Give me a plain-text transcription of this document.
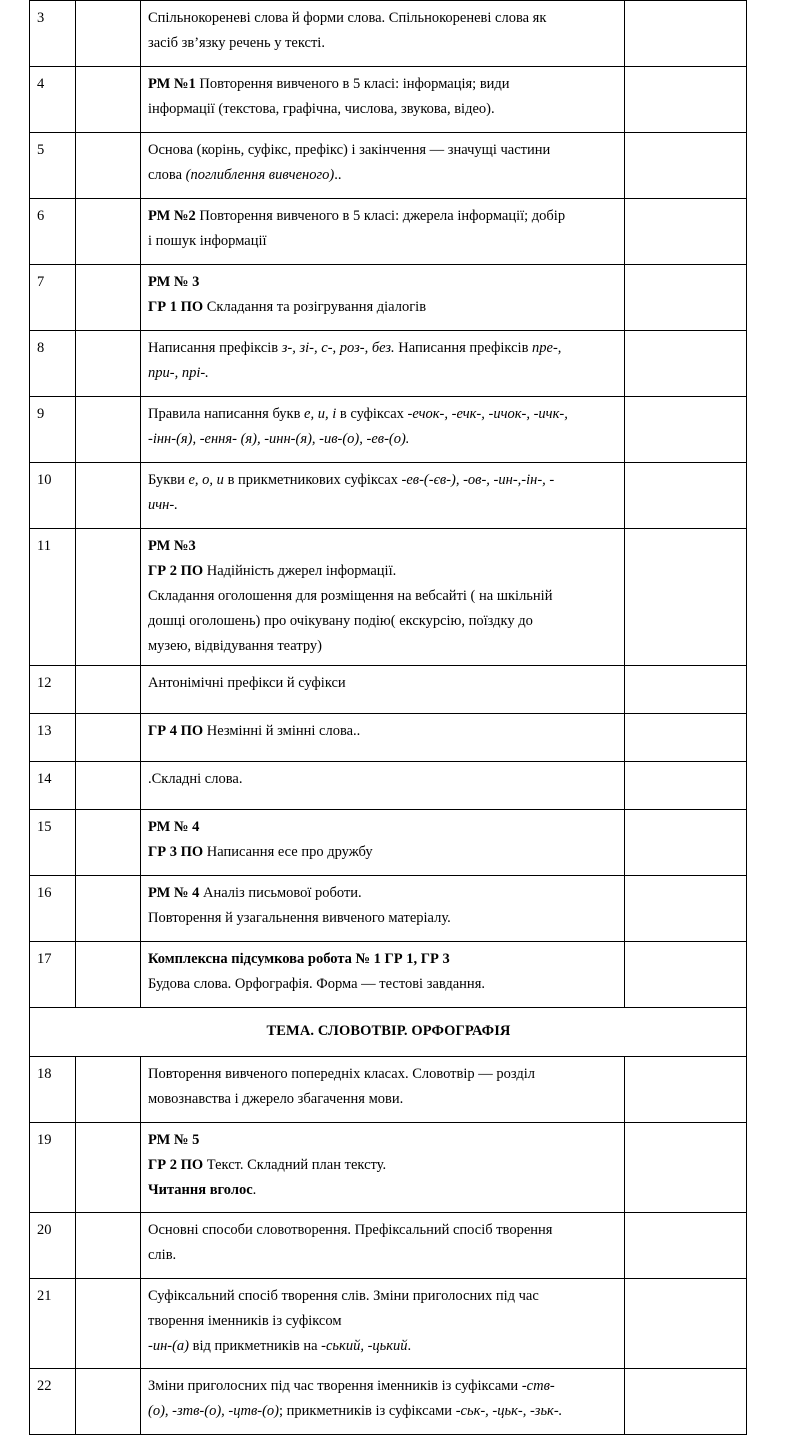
3		Спільнокореневі слова й форми слова. Спільнокореневі слова як
засіб зв’язку речень у тексті.	

4		РМ №1 Повторення вивченого в 5 класі: інформація; види
інформації (текстова, графічна, числова, звукова, відео).	

5		Основа (корінь, суфікс, префікс) і закінчення — значущі частини
слова (поглиблення вивченого)..	

6		РМ №2 Повторення вивченого в 5 класі: джерела інформації; добір
і пошук інформації	

7		РМ № 3
ГР 1 ПО Складання та розігрування діалогів	

8		Написання префіксів з-, зі-, с-, роз-, без. Написання префіксів пре-,
при-, прі-.	

9		Правила написання букв е, и, і в суфіксах -ечок-, -ечк-, -ичок-, -ичк-,
-інн-(я), -ення- (я), -инн-(я), -ив-(о), -ев-(о).	

10		Букви е, о, и в прикметникових суфіксах -ев-(-єв-), -ов-, -ин-,-ін-, -
ичн-.	

11		РМ №3
ГР 2 ПО Надійність джерел інформації.
Складання оголошення для розміщення на вебсайті ( на шкільній
дошці оголошень) про очікувану подію( екскурсію, поїздку до
музею, відвідування театру)	

12		Антонімічні префікси й суфікси	

13		ГР 4 ПО Незмінні й змінні слова..	

14		.Складні слова.	

15		РМ № 4
ГР 3 ПО Написання есе про дружбу	

16		РМ № 4 Аналіз письмової роботи.
Повторення й узагальнення вивченого матеріалу.	

17		Комплексна підсумкова робота № 1 ГР 1, ГР 3
Будова слова. Орфографія. Форма — тестові завдання.	

ТЕМА. СЛОВОТВІР. ОРФОГРАФІЯ			
18		Повторення вивченого попередніх класах. Словотвір — розділ
мовознавства і джерело збагачення мови.	

19		РМ № 5
ГР 2 ПО Текст. Складний план тексту.
Читання вголос.	

20		Основні способи словотворення. Префіксальний спосіб творення
слів.	

21		Суфіксальний спосіб творення слів. Зміни приголосних під час
творення іменників із суфіксом
-ин-(а) від прикметників на -ський, -цький.	

22		Зміни приголосних під час творення іменників із суфіксами -ств-
(о), -зтв-(о), -цтв-(о); прикметників із суфіксами -ськ-, -цьк-, -зьк-.	
